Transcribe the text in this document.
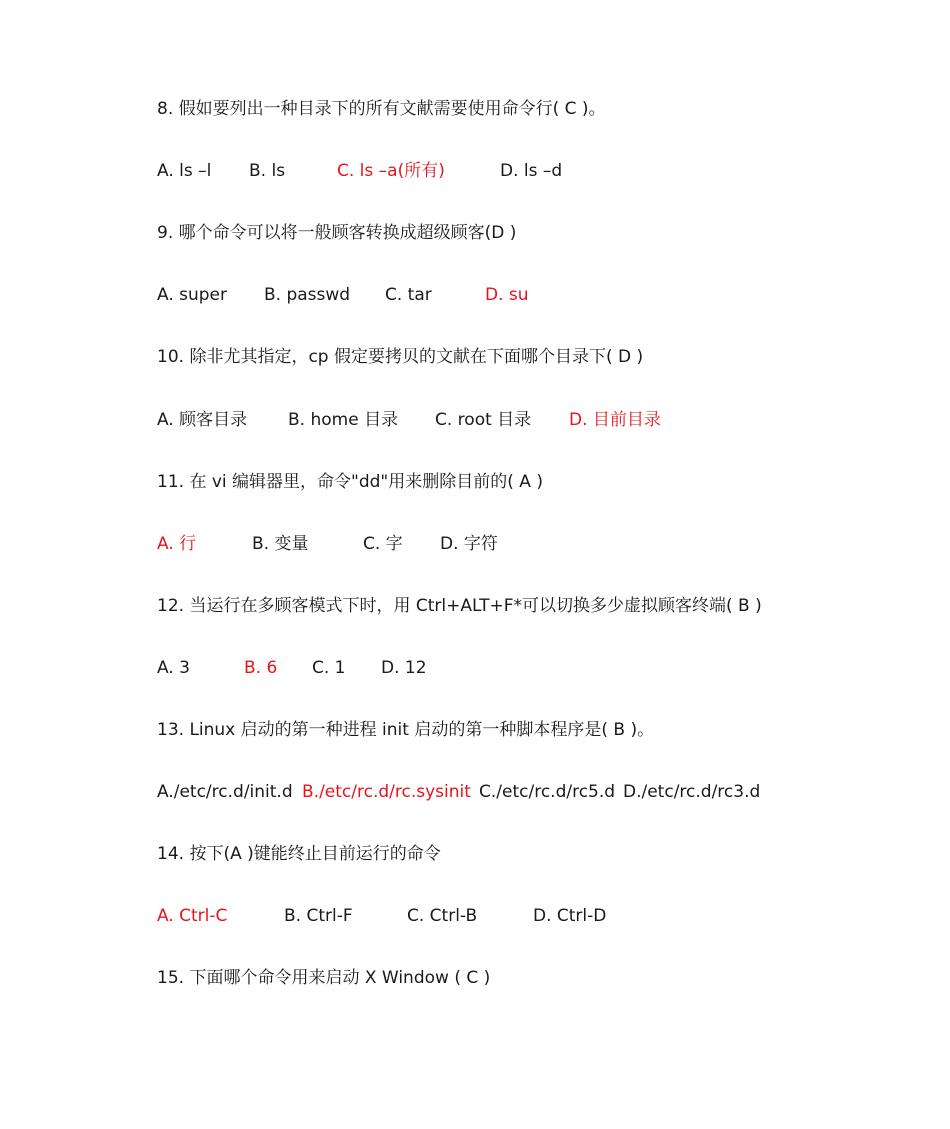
8. 假如要列出一种目录下的所有文献需要使用命令行( C )。
A. ls –l B. ls	C. ls –a(所有)	D. ls –d
9. 哪个命令可以将一般顾客转换成超级顾客(D )
A. super B. passwd C. tar	D. su
10. 除非尤其指定，cp 假定要拷贝的文献在下面哪个目录下( D )
A. 顾客目录 B. home 目录 C. root 目录 D. 目前目录
11. 在 vi 编辑器里，命令"dd"用来删除目前的( A )
A. 行	B. 变量	C. 字 D. 字符
12. 当运行在多顾客模式下时，用 Ctrl+ALT+F*可以切换多少虚拟顾客终端( B )
A. 3	B. 6 C. 1 D. 12
13. Linux 启动的第一种进程 init 启动的第一种脚本程序是( B )。
A./etc/rc.d/init.d B./etc/rc.d/rc.sysinit C./etc/rc.d/rc5.d D./etc/rc.d/rc3.d
14. 按下(A )键能终止目前运行的命令
A. Ctrl-C	B. Ctrl-F	C. Ctrl-B	D. Ctrl-D
15. 下面哪个命令用来启动 X Window ( C )
